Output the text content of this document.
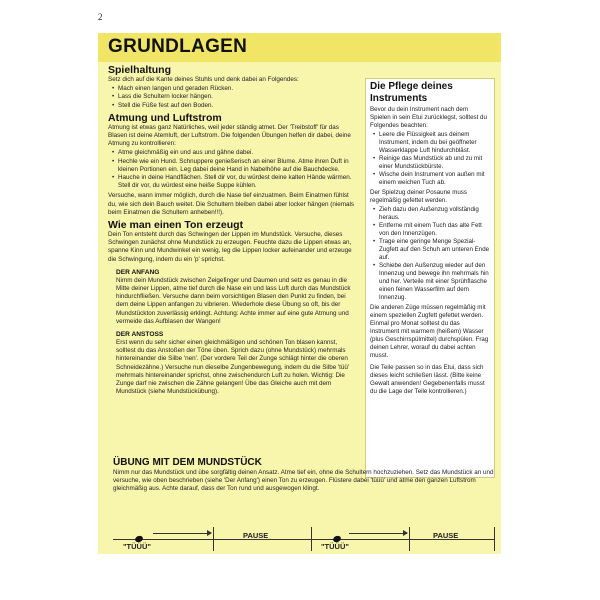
2
GRUNDLAGEN
Spielhaltung

Setz dich auf die Kante deines Stuhls und denk dabei an Folgendes:

• Mach einen langen und geraden Rücken.
• Lass die Schultern locker hängen.
• Stell die Füße fest auf den Boden.
Atmung und Luftstrom

Atmung ist etwas ganz Natürliches, weil jeder ständig atmet. Der 'Treibstoff' für das Blasen ist deine Atemluft, der Luftstrom. Die folgenden Übungen helfen dir dabei, deine Atmung zu kontrollieren:

• Atme gleichmäßig ein und aus und gähne dabei.
• Hechle wie ein Hund. Schnuppere genießerisch an einer Blume. Atme ihren Duft in kleinen Portionen ein. Leg dabei deine Hand in Nabelhöhe auf die Bauchdecke.
• Hauche in deine Handflächen. Stell dir vor, du würdest deine kalten Hände wärmen. Stell dir vor, du würdest eine heiße Suppe kühlen.

Versuche, wann immer möglich, durch die Nase tief einzuatmen. Beim Einatmen fühlst du, wie sich dein Bauch weitet. Die Schultern bleiben dabei aber locker hängen (niemals beim Einatmen die Schultern anheben!!!).

Wie man einen Ton erzeugt

Dein Ton entsteht durch das Schwingen der Lippen im Mundstück. Versuche, dieses Schwingen zunächst ohne Mundstück zu erzeugen. Feuchte dazu die Lippen etwas an, spanne Kinn und Mundwinkel ein wenig, leg die Lippen locker aufeinander und erzeuge die Schwingung, indem du ein 'p' sprichst.

DER ANFANG

Nimm dein Mundstück zwischen Zeigefinger und Daumen und setz es genau in die Mitte deiner Lippen, atme tief durch die Nase ein und lass Luft durch das Mundstück hindurchfließen. Versuche dann beim vorsichtigen Blasen den Punkt zu finden, bei dem deine Lippen anfangen zu vibrieren. Wiederhole diese Übung so oft, bis der Mundstückton zuverlässig erklingt. Achtung: Achte immer auf eine gute Atmung und vermeide das Aufblasen der Wangen!

DER ANSTOSS

Erst wenn du sehr sicher einen gleichmäßigen und schönen Ton blasen kannst, solltest du das Anstoßen der Töne üben. Sprich dazu (ohne Mundstück) mehrmals hintereinander die Silbe 'nen'. (Der vordere Teil der Zunge schlägt hinter die oberen Schneidezähne.) Versuche nun dieselbe Zungenbewegung, indem du die Silbe 'tüü' mehrmals hintereinander sprichst, ohne zwischendurch Luft zu holen. Wichtig: Die Zunge darf nie zwischen die Zähne gelangen! Übe das Gleiche auch mit dem Mundstück (siehe Mundstückübung).

Die Pflege deines Instruments

Bevor du dein Instrument nach dem Spielen in sein Etui zurücklegst, solltest du Folgendes beachten:

• Leere die Flüssigkeit aus deinem Instrument, indem du bei geöffneter Wasserklappe Luft hindurchbläst.
• Reinige das Mundstück ab und zu mit einer Mundstückbürste.
• Wische dein Instrument von außen mit einem weichen Tuch ab.

Der Spielzug deiner Posaune muss regelmäßig gefettet werden.

• Zieh dazu den Außenzug vollständig heraus.
• Entferne mit einem Tuch das alte Fett von den Innenzügen.
• Trage eine geringe Menge Spezial-Zugfett auf den Schuh am unteren Ende auf.
• Schiebe den Außenzug wieder auf den Innenzug und bewege ihn mehrmals hin und her. Verteile mit einer Sprühflasche einen feinen Wasserfilm auf dem Innenzug.

Die anderen Züge müssen regelmäßig mit einem speziellen Zugfett gefettet werden. Einmal pro Monat solltest du das Instrument mit warmem (heißem) Wasser (plus Geschirrspülmittel) durchspülen. Frag deinen Lehrer, worauf du dabei achten musst.

Die Teile passen so in das Etui, dass sich dieses leicht schließen lässt. (Bitte keine Gewalt anwenden! Gegebenenfalls musst du die Lage der Teile kontrollieren.)

ÜBUNG MIT DEM MUNDSTÜCK
Nimm nur das Mundstück und übe sorgfältig deinen Ansatz. Atme tief ein, ohne die Schultern hochzuziehen. Setz das Mundstück an und versuche, wie oben beschrieben (siehe 'Der Anfang') einen Ton zu erzeugen. Flüstere dabei 'tüüü' und atme den ganzen Luftstrom gleichmäßig aus. Achte darauf, dass der Ton rund und ausgewogen klingt.
"TÜÜÜ"
PAUSE
"TÜÜÜ"
PAUSE
